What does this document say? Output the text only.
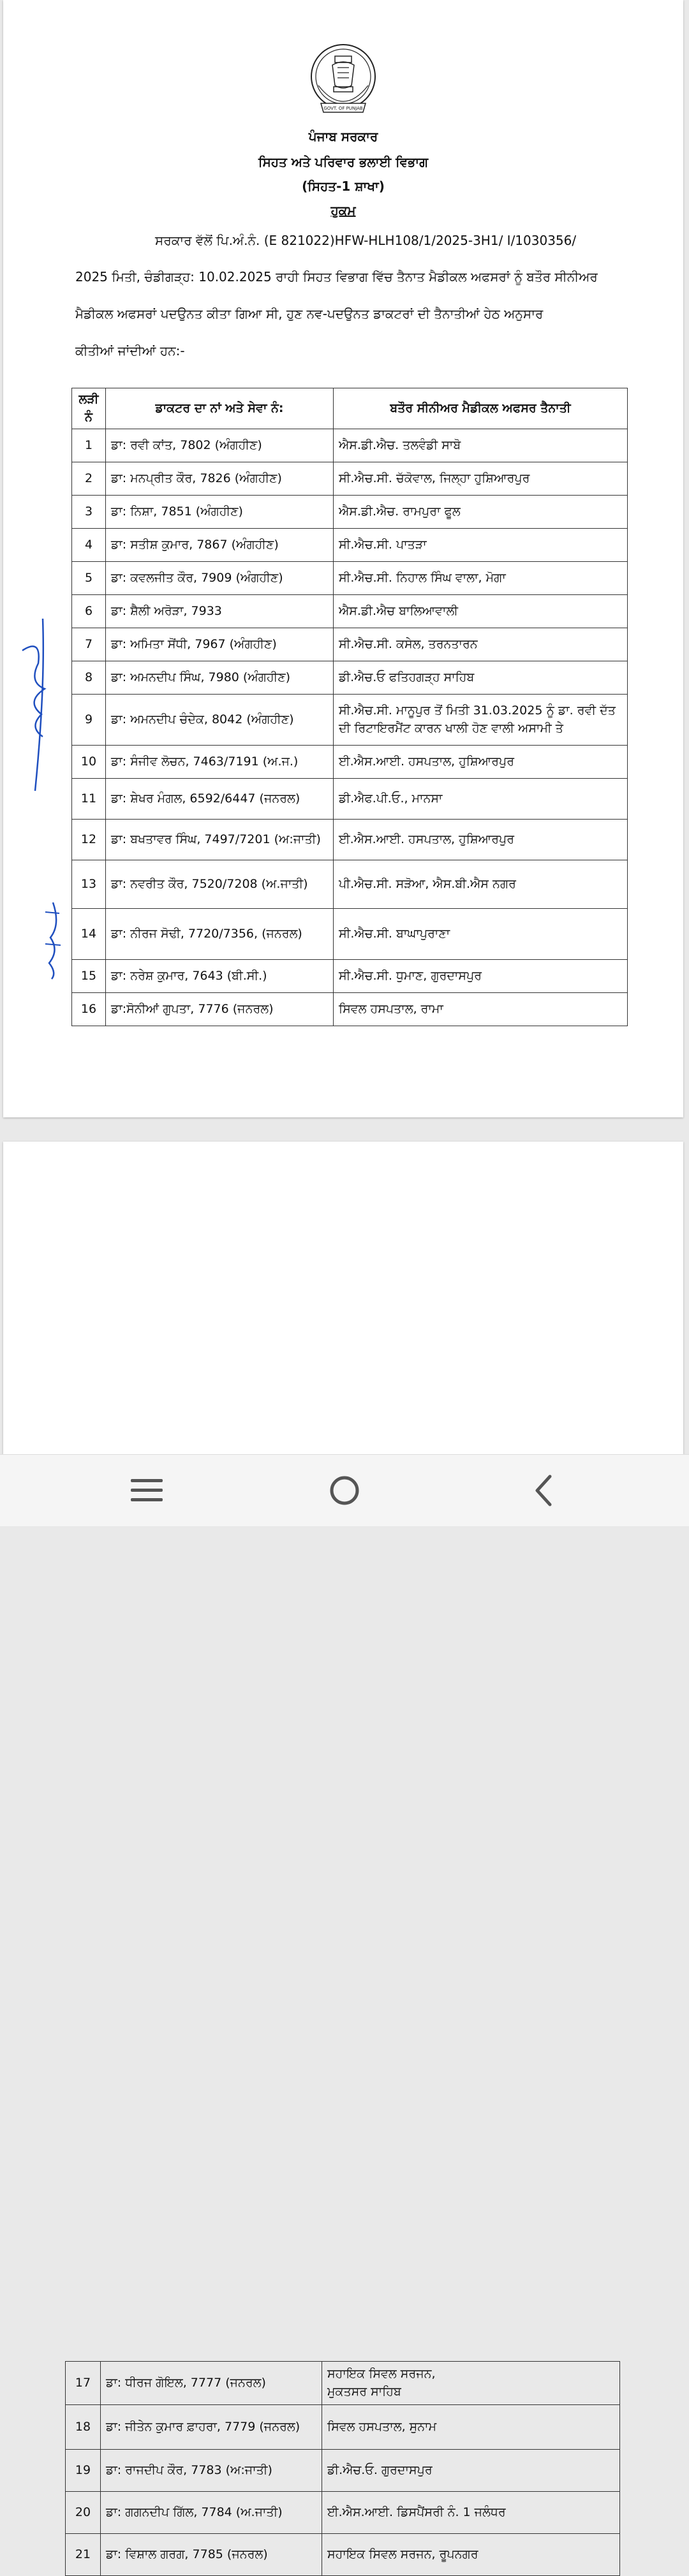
GOVT. OF PUNJAB
ਪੰਜਾਬ ਸਰਕਾਰ
ਸਿਹਤ ਅਤੇ ਪਰਿਵਾਰ ਭਲਾਈ ਵਿਭਾਗ
(ਸਿਹਤ-1 ਸ਼ਾਖਾ)
ਹੁਕਮ
ਸਰਕਾਰ ਵੱਲੋਂ ਪਿ.ਅੰ.ਨੰ. (E 821022)HFW-HLH108/1/2025-3H1/ I/1030356/
2025 ਮਿਤੀ, ਚੰਡੀਗੜ੍ਹ: 10.02.2025 ਰਾਹੀ ਸਿਹਤ ਵਿਭਾਗ ਵਿੱਚ ਤੈਨਾਤ ਮੈਡੀਕਲ ਅਫਸਰਾਂ ਨੂੰ ਬਤੌਰ ਸੀਨੀਅਰ
ਮੈਡੀਕਲ ਅਫਸਰਾਂ ਪਦਉਨਤ ਕੀਤਾ ਗਿਆ ਸੀ, ਹੁਣ ਨਵ-ਪਦਉਨਤ ਡਾਕਟਰਾਂ ਦੀ ਤੈਨਾਤੀਆਂ ਹੇਠ ਅਨੁਸਾਰ
ਕੀਤੀਆਂ ਜਾਂਦੀਆਂ ਹਨ:-
ਲੜੀ ਨੰ	ਡਾਕਟਰ ਦਾ ਨਾਂ ਅਤੇ ਸੇਵਾ ਨੰ:	ਬਤੌਰ ਸੀਨੀਅਰ ਮੈਡੀਕਲ ਅਫਸਰ ਤੈਨਾਤੀ
1	ਡਾ: ਰਵੀ ਕਾਂਤ, 7802 (ਅੰਗਹੀਣ)	ਐਸ.ਡੀ.ਐਚ. ਤਲਵੰਡੀ ਸਾਬੋ
2	ਡਾ: ਮਨਪ੍ਰੀਤ ਕੌਰ, 7826 (ਅੰਗਹੀਣ)	ਸੀ.ਐਚ.ਸੀ. ਚੱਕੋਵਾਲ, ਜਿਲ੍ਹਾ ਹੁਸ਼ਿਆਰਪੁਰ
3	ਡਾ: ਨਿਸ਼ਾ, 7851 (ਅੰਗਹੀਣ)	ਐਸ.ਡੀ.ਐਚ. ਰਾਮਪੁਰਾ ਫੂਲ
4	ਡਾ: ਸਤੀਸ਼ ਕੁਮਾਰ, 7867 (ਅੰਗਹੀਣ)	ਸੀ.ਐਚ.ਸੀ. ਪਾਤੜਾ
5	ਡਾ: ਕਵਲਜੀਤ ਕੌਰ, 7909 (ਅੰਗਹੀਣ)	ਸੀ.ਐਚ.ਸੀ. ਨਿਹਾਲ ਸਿੰਘ ਵਾਲਾ, ਮੋਗਾ
6	ਡਾ: ਸ਼ੈਲੀ ਅਰੋੜਾ, 7933	ਐਸ.ਡੀ.ਐਚ ਬਾਲਿਆਵਾਲੀ
7	ਡਾ: ਅਮਿਤਾ ਸੋਂਧੀ, 7967 (ਅੰਗਹੀਣ)	ਸੀ.ਐਚ.ਸੀ. ਕਸੇਲ, ਤਰਨਤਾਰਨ
8	ਡਾ: ਅਮਨਦੀਪ ਸਿੰਘ, 7980 (ਅੰਗਹੀਣ)	ਡੀ.ਐਚ.ਓ ਫਤਿਹਗੜ੍ਹ ਸਾਹਿਬ
9	ਡਾ: ਅਮਨਦੀਪ ਚੰਦੇਕ, 8042 (ਅੰਗਹੀਣ)	ਸੀ.ਐਚ.ਸੀ. ਮਾਨੂਪੁਰ ਤੋਂ ਮਿਤੀ 31.03.2025 ਨੂੰ ਡਾ. ਰਵੀ ਦੱਤ ਦੀ ਰਿਟਾਇਰਮੈਂਟ ਕਾਰਨ ਖਾਲੀ ਹੋਣ ਵਾਲੀ ਅਸਾਮੀ ਤੇ
10	ਡਾ: ਸੰਜੀਵ ਲੋਚਨ, 7463/7191 (ਅ.ਜ.)	ਈ.ਐਸ.ਆਈ. ਹਸਪਤਾਲ, ਹੁਸ਼ਿਆਰਪੁਰ
11	ਡਾ: ਸ਼ੇਖਰ ਮੰਗਲ, 6592/6447 (ਜਨਰਲ)	ਡੀ.ਐਫ.ਪੀ.ਓ., ਮਾਨਸਾ
12	ਡਾ: ਬਖਤਾਵਰ ਸਿੰਘ, 7497/7201 (ਅ:ਜਾਤੀ)	ਈ.ਐਸ.ਆਈ. ਹਸਪਤਾਲ, ਹੁਸ਼ਿਆਰਪੁਰ
13	ਡਾ: ਨਵਰੀਤ ਕੌਰ, 7520/7208 (ਅ.ਜਾਤੀ)	ਪੀ.ਐਚ.ਸੀ. ਸੜੋਆ, ਐਸ.ਬੀ.ਐਸ ਨਗਰ
14	ਡਾ: ਨੀਰਜ ਸੋਢੀ, 7720/7356, (ਜਨਰਲ)	ਸੀ.ਐਚ.ਸੀ. ਬਾਘਾਪੁਰਾਣਾ
15	ਡਾ: ਨਰੇਸ਼ ਕੁਮਾਰ, 7643 (ਬੀ.ਸੀ.)	ਸੀ.ਐਚ.ਸੀ. ਧੁਮਾਣ, ਗੁਰਦਾਸਪੁਰ
16	ਡਾ:ਸੋਨੀਆਂ ਗੁਪਤਾ, 7776 (ਜਨਰਲ)	ਸਿਵਲ ਹਸਪਤਾਲ, ਰਾਮਾ
17	ਡਾ: ਧੀਰਜ ਗੋਇਲ, 7777 (ਜਨਰਲ)	ਸਹਾਇਕ ਸਿਵਲ ਸਰਜਨ,
ਮੁਕਤਸਰ ਸਾਹਿਬ

18	ਡਾ: ਜੀਤੇਨ ਕੁਮਾਰ ਫ਼ਾਹਰਾ, 7779 (ਜਨਰਲ)	ਸਿਵਲ ਹਸਪਤਾਲ, ਸੁਨਾਮ

19	ਡਾ: ਰਾਜਦੀਪ ਕੌਰ, 7783 (ਅ:ਜਾਤੀ)	ਡੀ.ਐਚ.ਓ. ਗੁਰਦਾਸਪੁਰ

20	ਡਾ: ਗਗਨਦੀਪ ਗਿੱਲ, 7784 (ਅ.ਜਾਤੀ)	ਈ.ਐਸ.ਆਈ. ਡਿਸਪੈਂਸਰੀ ਨੰ. 1 ਜਲੰਧਰ

21	ਡਾ: ਵਿਸ਼ਾਲ ਗਰਗ, 7785 (ਜਨਰਲ)	ਸਹਾਇਕ ਸਿਵਲ ਸਰਜਨ, ਰੂਪਨਗਰ
